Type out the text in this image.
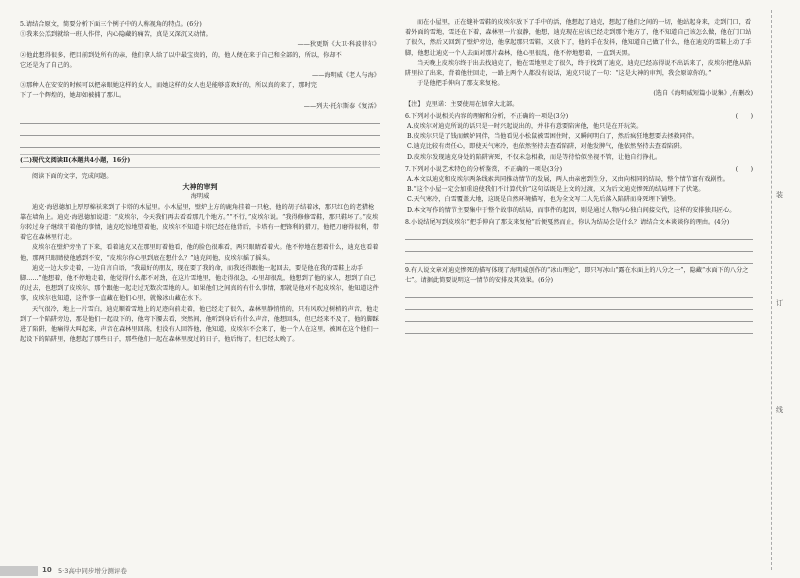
5.请结合原文，简要分析下面三个例子中的人称视角的特点。(6分)

①我来公羔到就给一班人作伴，内心隐藏的痛苦，真是又深沉又动情。

——狄更斯《大卫·科波菲尔》

②他此想得很多，把目前到处所有的亲，他们拿人给了以中最宝贵的，的，他人便在来于自己和全部的，所以，你却不

它还是为了自己的。

——海明威《老人与海》

③那种人在安安的时候可以把亲眼她这样的女人，而她这样的女人也是能够喜欢好的，所以真的来了，那时完

下了一个辉煌的，她却如被捕了那儿。

——列夫·托尔斯泰《复活》

(二)现代文阅读Ⅱ(本题共4小题，16分)

阅读下面的文字，完成问题。

大神的审判

海明威

迪克·海恩德加上厚厚棉袄来到了卡塔的木屋里。小木屋里，壁炉上方的鹿角挂着一只枪，他的胡子结着冰，那只红色的老猎枪靠在墙角上。迪克·海恩德加说道：“皮埃尔，今天我们再去看看那几个地方。”“不行，”皮埃尔说。“我得修修雪鞋，那只鞋坏了。”皮埃尔转过身子继续干着他的事情，迪克吃惊地望着他，皮埃尔不知道卡塔已经在他背后，卡塔有一把锋利的猎刀，他把刀磨得很利，带着它在森林里行走。

皮埃尔在壁炉旁坐了下来，看着迪克又在那里盯着他看，他的脸色很难看，两只眼睛看着火。他不停地在想着什么，迪克也看着他，那两只眼睛使他感到不安，“皮埃尔你心里到底在想什么？”迪克问他，皮埃尔摇了摇头。

迪克一边大步走着，一边自言自语，“我最好的朋友，现在要了我的命，而我还得跟他一起回去，要是他在我的雪鞋上动手脚……”他想着，他不停地走着，他觉得什么都不对劲，在这片雪地里，他走得很急，心里却很乱，他想到了他的家人，想到了自己的过去，也想到了皮埃尔，那个跟他一起走过无数次雪地的人。如果他们之间真的有什么事情，那就是他对不起皮埃尔，他知道这件事，皮埃尔也知道，这件事一直藏在他们心里，就像冰山藏在水下。

天气很冷，地上一片雪白，迪克顺着雪地上的足迹向前走着，他已经走了很久，森林里静悄悄的，只有风吹过树梢的声音，他走到了一个陷阱旁边，那是他们一起设下的，他弯下腰去看，突然间，他听到身后有什么声音，他想回头，但已经来不及了，他的脚踩进了陷阱，他痛得大叫起来，声音在森林里回荡，但没有人回答他，他知道，皮埃尔不会来了，他一个人在这里，被困在这个他们一起设下的陷阱里，他想起了那些日子，那些他们一起在森林里度过的日子，他后悔了，但已经太晚了。

而在小屋里，正在缝补雪鞋的皮埃尔放下了手中的活，他想起了迪克，想起了他们之间的一切，他站起身来，走到门口，看着外面的雪地，雪还在下着，森林里一片寂静，他想，迪克现在应该已经走到那个地方了，他不知道自己该怎么做，他在门口站了很久，然后又回到了壁炉旁边，他拿起那只雪鞋，又放下了，他的手在发抖，他知道自己做了什么，他在迪克的雪鞋上动了手脚，他想让迪克一个人去面对那片森林，他心里很乱，他不停地想着，一直到天黑。

当天晚上皮埃尔终于出去找迪克了，他在雪地里走了很久，终于找到了迪克，迪克已经冻得说不出话来了，皮埃尔把他从陷阱里拉了出来，背着他往回走，一路上两个人都没有说话，迪克只说了一句：“这是大神的审判，我会原谅你的。”

于是他把手伸向了那支来复枪。

(选自《海明威短篇小说集》,有删改)

【注】 克里诺：主要使用在加拿大北部。

6.下列对小说相关内容的理解和分析，不正确的一项是(3分)	(　　)

A.皮埃尔对迪克所说的话只是一时兴起说出的，并非有意要陷害他，他只是在开玩笑。

B.皮埃尔只是了钱而嫉妒同伴，当他看见小松鼠被雪困住时，又瞬间明白了，然后疯狂地想要去拯救同伴。

C.迪克比较有责任心，即使天气寒冷，也依然坚持去查看陷阱，对他发脾气，他依然坚持去查看陷阱。

D.皮埃尔发现迪克身处的陷阱害死，不仅未急相救，而是等待恰似坐视不管，让他自行挣扎。

7.下列对小说艺术特色的分析鉴赏，不正确的一项是(3分)	(　　)

A.本文以迪克和皮埃尔两条线索共同推动情节的发展，两人由亲密到生分，又由向相同的结局，整个情节富有戏剧性。

B.“这个小屋一定会加重迫使我们不计算代价”这句话既是上文的过渡，又为后文迪克惨死的结局埋下了伏笔。

C.天气寒冷，白雪覆盖大地，这既是自然环境描写，也为全文写二人先后落入陷阱而身死埋下铺垫。

D.本文写作的情节主要集中于整个故事的结局，而事件的起因，则是通过人物内心独白间接交代，这样的安排独具匠心。

8.小说结尾写到皮埃尔“把手伸向了那支来复枪”后便戛然而止，你认为结局会是什么？请结合文本谈谈你的理由。(4分)

9.有人说文章对迪克惨死的描写体现了海明威创作的“冰山理论”，即只写冰山“露在水面上的八分之一”，隐藏“水面下的八分之七”。请据此简要说明这一情节的安排及其效果。(6分)

装
订
线
10 5·3高中同步增分测评卷
